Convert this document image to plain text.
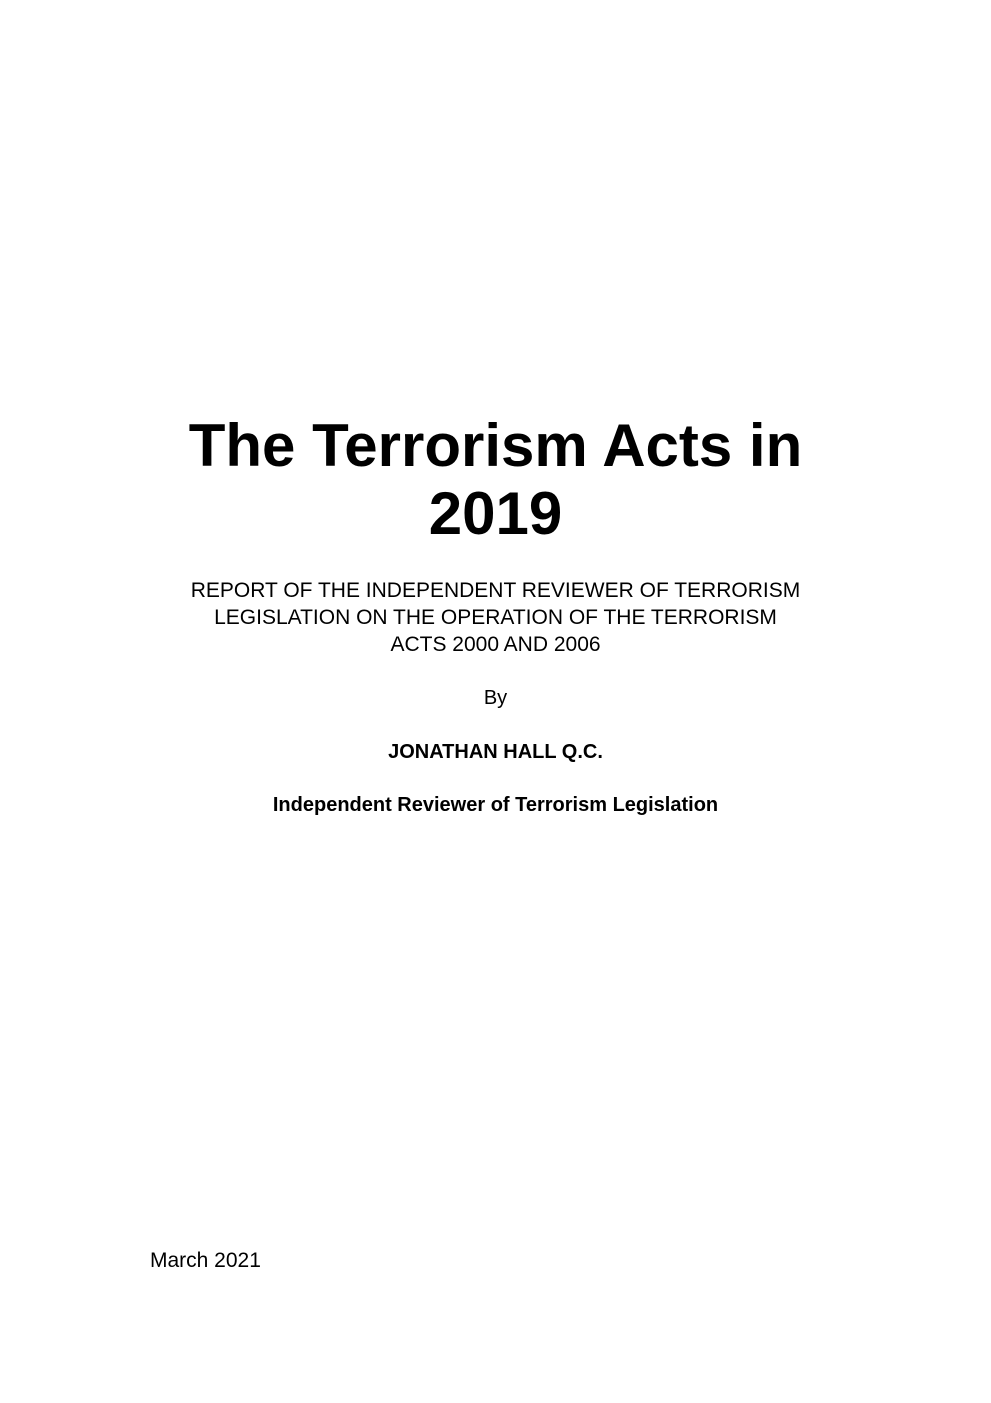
The Terrorism Acts in
2019
REPORT OF THE INDEPENDENT REVIEWER OF TERRORISM
LEGISLATION ON THE OPERATION OF THE TERRORISM
ACTS 2000 AND 2006
By
JONATHAN HALL Q.C.
Independent Reviewer of Terrorism Legislation
March 2021
